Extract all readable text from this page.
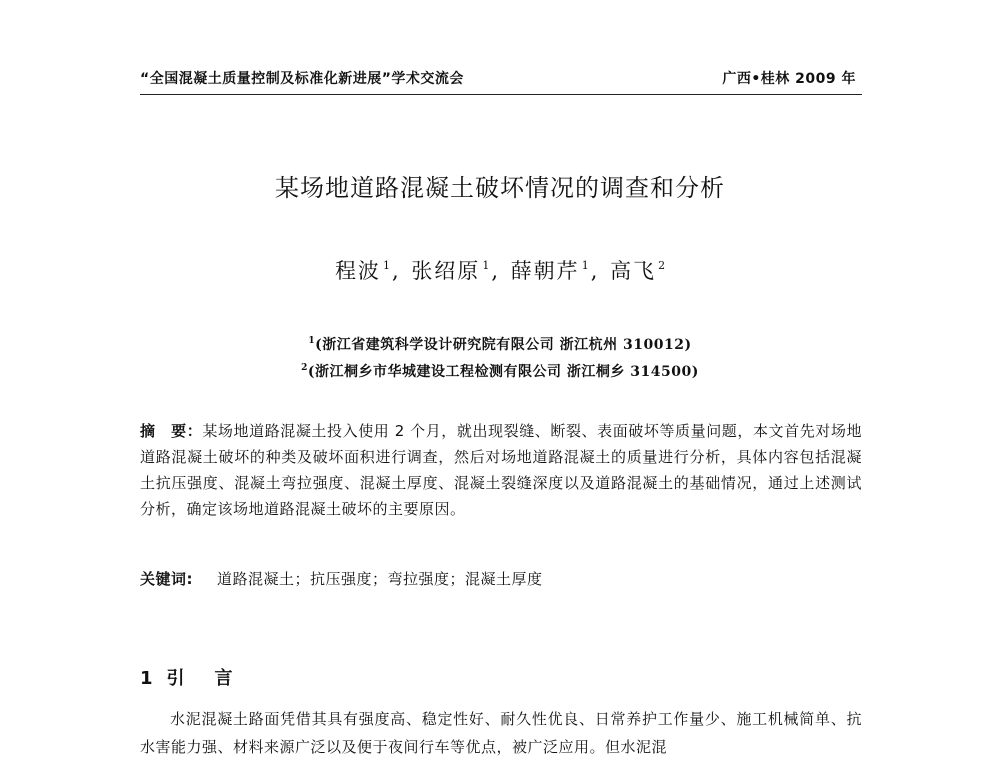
“全国混凝土质量控制及标准化新进展”学术交流会	广西•桂林 2009 年
某场地道路混凝土破坏情况的调查和分析
程波 $^1$, 张绍原 $^1$, 薛朝芹 $^1$, 高飞 $^2$
$^1$(浙江省建筑科学设计研究院有限公司 浙江杭州 310012)
$^2$(浙江桐乡市华城建设工程检测有限公司 浙江桐乡 314500)
摘　要：某场地道路混凝土投入使用 2 个月，就出现裂缝、断裂、表面破坏等质量问题，本文首先对场地道路混凝土破坏的种类及破坏面积进行调查，然后对场地道路混凝土的质量进行分析，具体内容包括混凝土抗压强度、混凝土弯拉强度、混凝土厚度、混凝土裂缝深度以及道路混凝土的基础情况，通过上述测试分析，确定该场地道路混凝土破坏的主要原因。
关键词: 道路混凝土；抗压强度；弯拉强度；混凝土厚度
1 引言
水泥混凝土路面凭借其具有强度高、稳定性好、耐久性优良、日常养护工作量少、施工机械简单、抗水害能力强、材料来源广泛以及便于夜间行车等优点，被广泛应用。但水泥混
